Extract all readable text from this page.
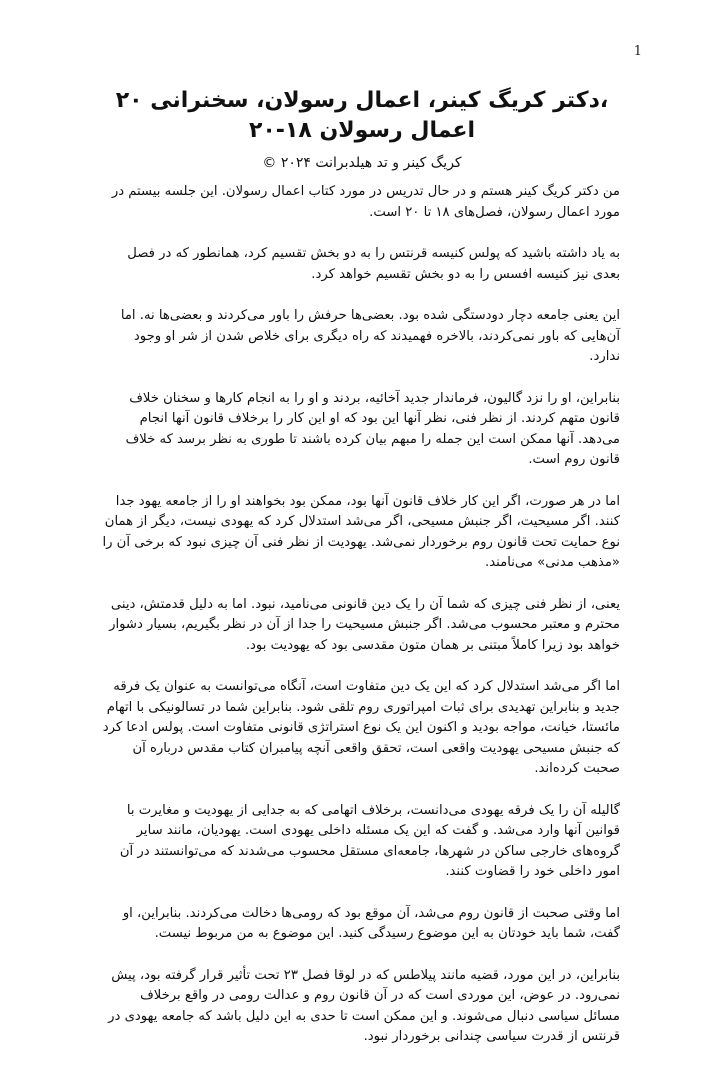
1
،دکتر کریگ کینر، اعمال رسولان، سخنرانی ۲۰
اعمال رسولان ۱۸-۲۰

کریگ کینر و تد هیلدبرانت ۲۰۲۴ ©

من دکتر کریگ کینر هستم و در حال تدریس در مورد کتاب اعمال رسولان. این جلسه بیستم در مورد اعمال رسولان، فصل‌های ۱۸ تا ۲۰ است.

به یاد داشته باشید که پولس کنیسه قرنتس را به دو بخش تقسیم کرد، همانطور که در فصل بعدی نیز کنیسه افسس را به دو بخش تقسیم خواهد کرد.

این یعنی جامعه دچار دودستگی شده بود. بعضی‌ها حرفش را باور می‌کردند و بعضی‌ها نه. اما آن‌هایی که باور نمی‌کردند، بالاخره فهمیدند که راه دیگری برای خلاص شدن از شر او وجود ندارد.

بنابراین، او را نزد گالیون، فرماندار جدید آخائیه، بردند و او را به انجام کارها و سخنان خلاف قانون متهم کردند. از نظر فنی، نظر آنها این بود که او این کار را برخلاف قانون آنها انجام می‌دهد. آنها ممکن است این جمله را مبهم بیان کرده باشند تا طوری به نظر برسد که خلاف قانون روم است.

اما در هر صورت، اگر این کار خلاف قانون آنها بود، ممکن بود بخواهند او را از جامعه یهود جدا کنند. اگر مسیحیت، اگر جنبش مسیحی، اگر می‌شد استدلال کرد که یهودی نیست، دیگر از همان نوع حمایت تحت قانون روم برخوردار نمی‌شد. یهودیت از نظر فنی آن چیزی نبود که برخی آن را «مذهب مدنی» می‌نامند.

یعنی، از نظر فنی چیزی که شما آن را یک دین قانونی می‌نامید، نبود. اما به دلیل قدمتش، دینی محترم و معتبر محسوب می‌شد. اگر جنبش مسیحیت را جدا از آن در نظر بگیریم، بسیار دشوار خواهد بود زیرا کاملاً مبتنی بر همان متون مقدسی بود که یهودیت بود.

اما اگر می‌شد استدلال کرد که این یک دین متفاوت است، آنگاه می‌توانست به عنوان یک فرقه جدید و بنابراین تهدیدی برای ثبات امپراتوری روم تلقی شود. بنابراین شما در تسالونیکی با اتهام مائستا، خیانت، مواجه بودید و اکنون این یک نوع استراتژی قانونی متفاوت است. پولس ادعا کرد که جنبش مسیحی یهودیت واقعی است، تحقق واقعی آنچه پیامبران کتاب مقدس درباره آن صحبت کرده‌اند.

گالیله آن را یک فرقه یهودی می‌دانست، برخلاف اتهامی که به جدایی از یهودیت و مغایرت با قوانین آنها وارد می‌شد. و گفت که این یک مسئله داخلی یهودی است. یهودیان، مانند سایر گروه‌های خارجی ساکن در شهرها، جامعه‌ای مستقل محسوب می‌شدند که می‌توانستند در آن امور داخلی خود را قضاوت کنند.

اما وقتی صحبت از قانون روم می‌شد، آن موقع بود که رومی‌ها دخالت می‌کردند. بنابراین، او گفت، شما باید خودتان به این موضوع رسیدگی کنید. این موضوع به من مربوط نیست.

بنابراین، در این مورد، قضیه مانند پیلاطس که در لوقا فصل ۲۳ تحت تأثیر قرار گرفته بود، پیش نمی‌رود. در عوض، این موردی است که در آن قانون روم و عدالت رومی در واقع برخلاف مسائل سیاسی دنبال می‌شوند. و این ممکن است تا حدی به این دلیل باشد که جامعه یهودی در قرنتس از قدرت سیاسی چندانی برخوردار نبود.
